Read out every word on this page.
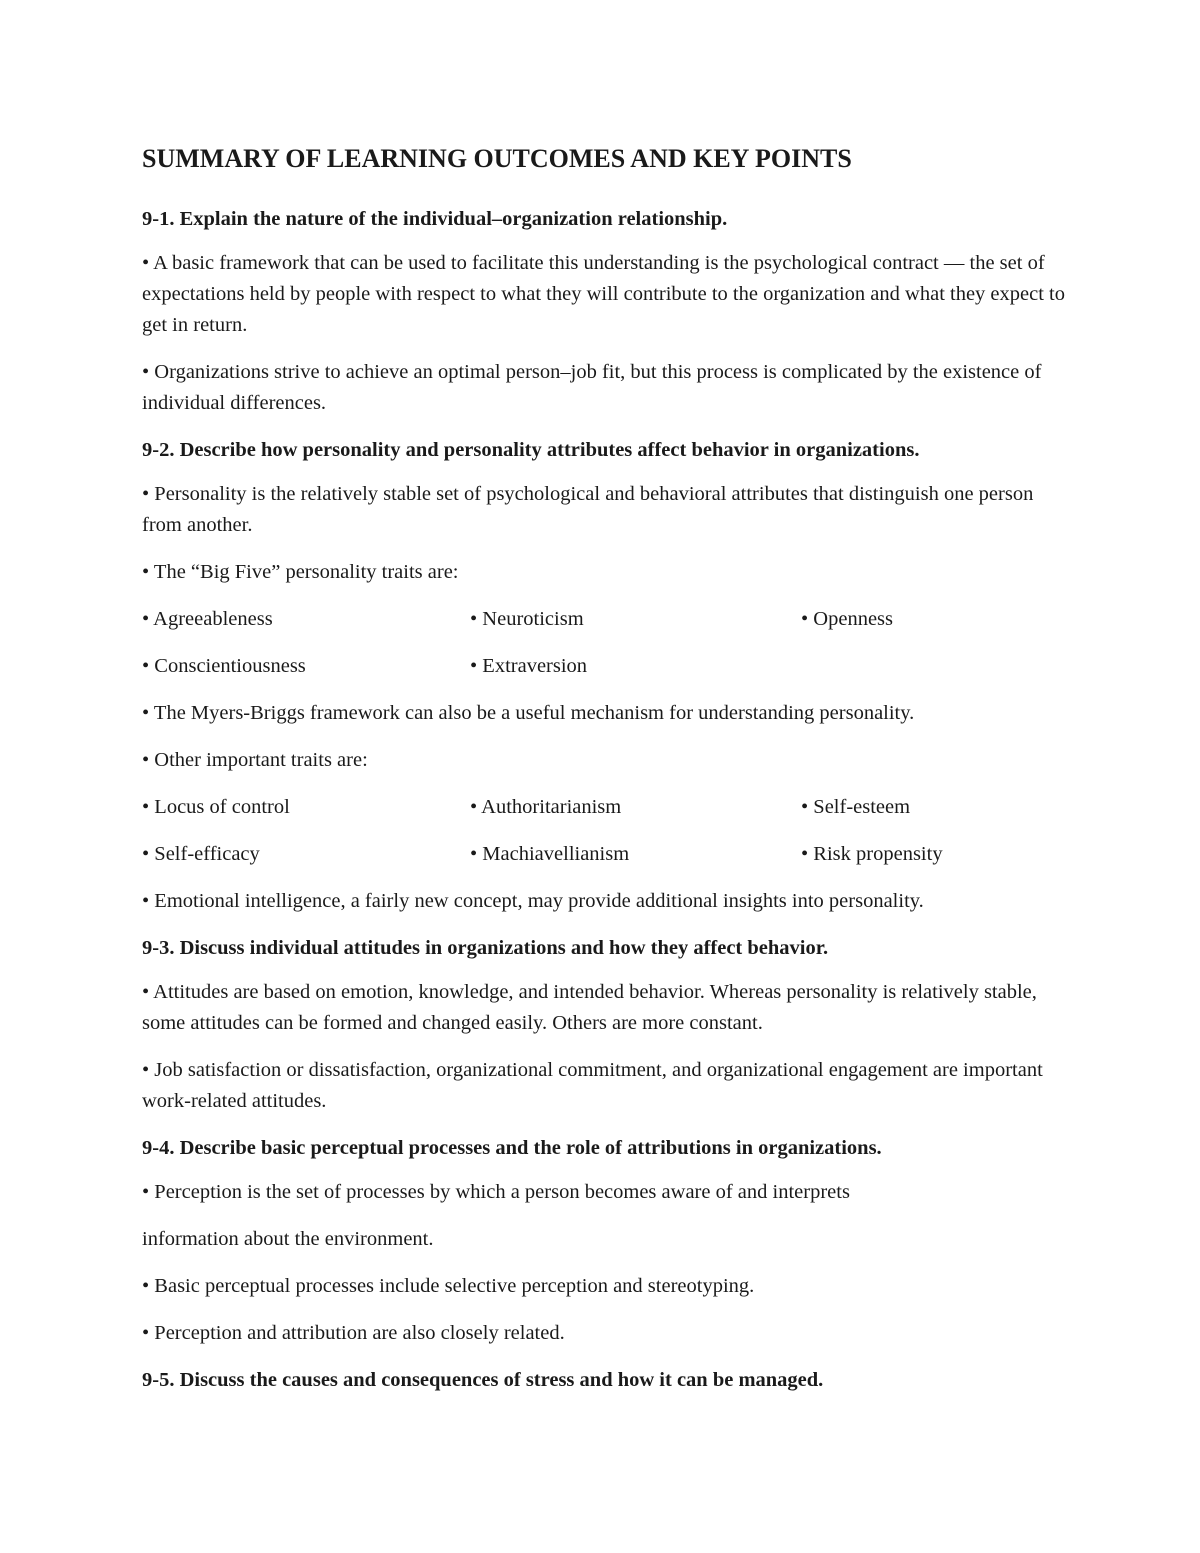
SUMMARY OF LEARNING OUTCOMES AND KEY POINTS
9-1. Explain the nature of the individual–organization relationship.

• A basic framework that can be used to facilitate this understanding is the psychological contract — the set of expectations held by people with respect to what they will contribute to the organization and what they expect to get in return.

• Organizations strive to achieve an optimal person–job fit, but this process is complicated by the existence of individual differences.

9-2. Describe how personality and personality attributes affect behavior in organizations.

• Personality is the relatively stable set of psychological and behavioral attributes that distinguish one person from another.

• The “Big Five” personality traits are:

• Agreeableness	• Neuroticism	• Openness
• Conscientiousness	• Extraversion

• The Myers-Briggs framework can also be a useful mechanism for understanding personality.

• Other important traits are:

• Locus of control	• Authoritarianism	• Self-esteem
• Self-efficacy	• Machiavellianism	• Risk propensity

• Emotional intelligence, a fairly new concept, may provide additional insights into personality.

9-3. Discuss individual attitudes in organizations and how they affect behavior.

• Attitudes are based on emotion, knowledge, and intended behavior. Whereas personality is relatively stable, some attitudes can be formed and changed easily. Others are more constant.

• Job satisfaction or dissatisfaction, organizational commitment, and organizational engagement are important work-related attitudes.

9-4. Describe basic perceptual processes and the role of attributions in organizations.

• Perception is the set of processes by which a person becomes aware of and interprets

information about the environment.

• Basic perceptual processes include selective perception and stereotyping.

• Perception and attribution are also closely related.

9-5. Discuss the causes and consequences of stress and how it can be managed.
